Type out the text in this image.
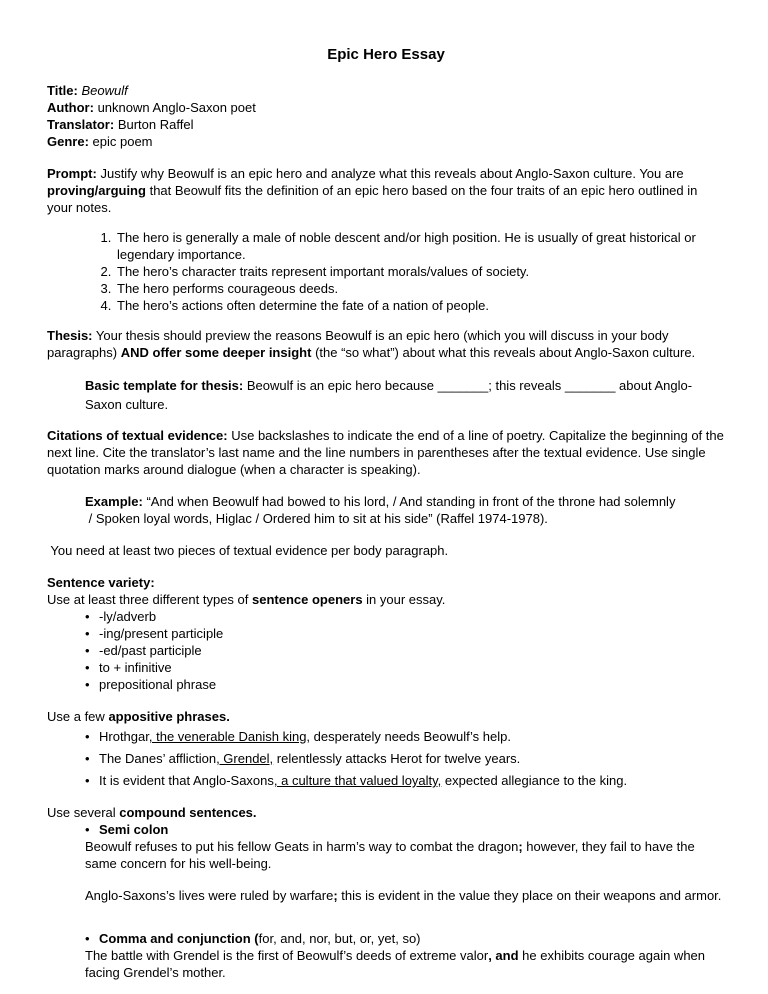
Epic Hero Essay

Title: Beowulf

Author: unknown Anglo-Saxon poet

Translator: Burton Raffel

Genre: epic poem

Prompt: Justify why Beowulf is an epic hero and analyze what this reveals about Anglo-Saxon culture. You are proving/arguing that Beowulf fits the definition of an epic hero based on the four traits of an epic hero outlined in your notes.

1. The hero is generally a male of noble descent and/or high position. He is usually of great historical or legendary importance.
2. The hero’s character traits represent important morals/values of society.
3. The hero performs courageous deeds.
4. The hero’s actions often determine the fate of a nation of people.

Thesis: Your thesis should preview the reasons Beowulf is an epic hero (which you will discuss in your body paragraphs) AND offer some deeper insight (the “so what”) about what this reveals about Anglo-Saxon culture.

Basic template for thesis: Beowulf is an epic hero because _______; this reveals _______ about Anglo-Saxon culture.

Citations of textual evidence: Use backslashes to indicate the end of a line of poetry. Capitalize the beginning of the next line. Cite the translator’s last name and the line numbers in parentheses after the textual evidence. Use single quotation marks around dialogue (when a character is speaking).

Example: “And when Beowulf had bowed to his lord, / And standing in front of the throne had solemnly

/ Spoken loyal words, Higlac / Ordered him to sit at his side” (Raffel 1974-1978).

You need at least two pieces of textual evidence per body paragraph.

Sentence variety:

Use at least three different types of sentence openers in your essay.

• -ly/adverb
• -ing/present participle
• -ed/past participle
• to + infinitive
• prepositional phrase

Use a few appositive phrases.

• Hrothgar, the venerable Danish king, desperately needs Beowulf’s help.
• The Danes’ affliction, Grendel, relentlessly attacks Herot for twelve years.
• It is evident that Anglo-Saxons, a culture that valued loyalty, expected allegiance to the king.

Use several compound sentences.

• Semi colon

Beowulf refuses to put his fellow Geats in harm’s way to combat the dragon; however, they fail to have the same concern for his well-being.

Anglo-Saxons’s lives were ruled by warfare; this is evident in the value they place on their weapons and armor.

• Comma and conjunction (for, and, nor, but, or, yet, so)

The battle with Grendel is the first of Beowulf’s deeds of extreme valor, and he exhibits courage again when facing Grendel’s mother.
